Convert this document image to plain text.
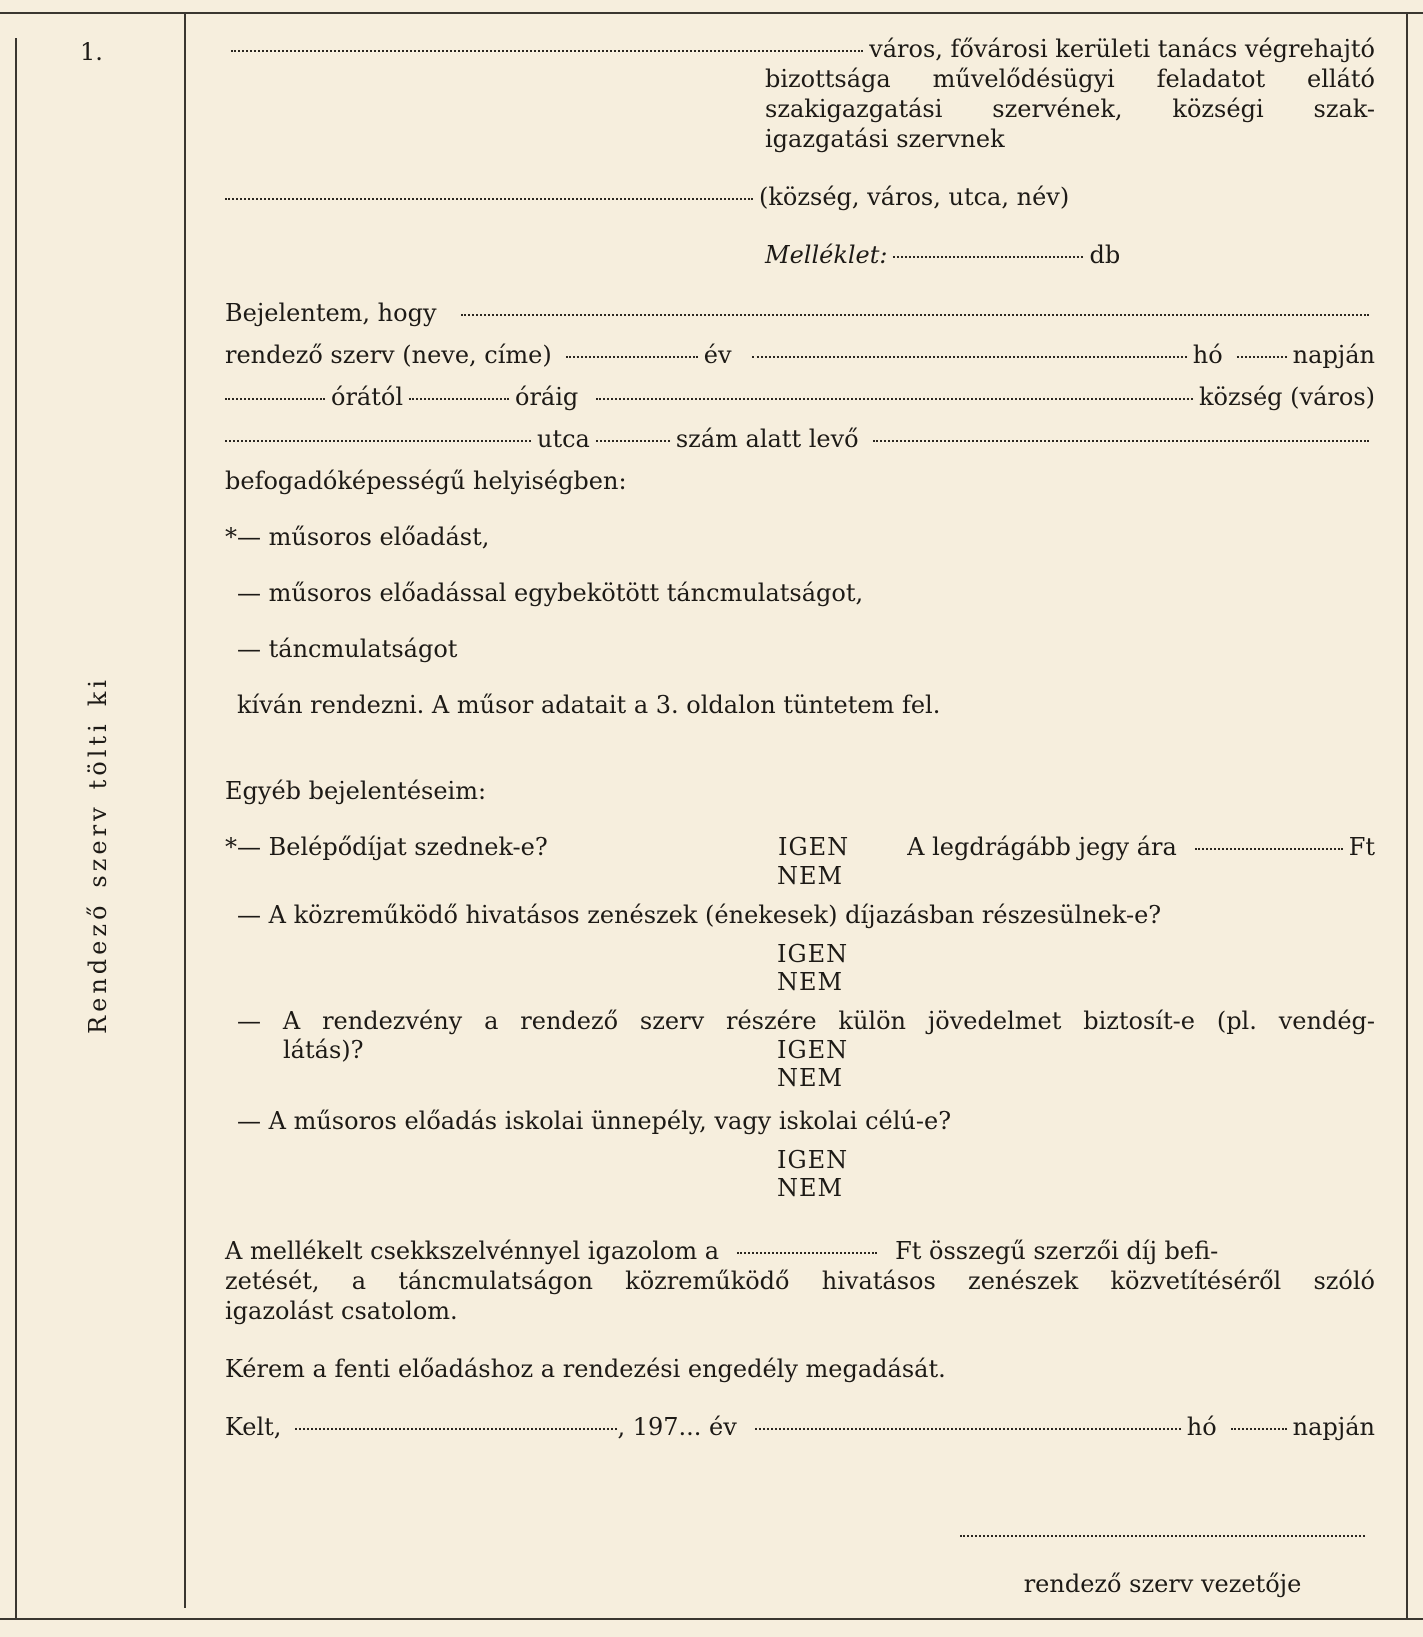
1.
Rendezőszervtöltiki
város, fővárosi kerületi tanács végrehajtó
bizottsága művelődésügyi feladatot ellátó
szakigazgatási szervének, községi szak-
igazgatási szervnek
(község, város, utca, név)
Melléklet:	db
Bejelentem, hogy
rendező szerv (neve, címe)	év	hó	napján
órától	óráig	község (város)
utca	szám alatt levő
befogadóképességű helyiségben:
*— műsoros előadást,
— műsoros előadással egybekötött táncmulatságot,
— táncmulatságot
kíván rendezni. A műsor adatait a 3. oldalon tüntetem fel.
Egyéb bejelentéseim:
*— Belépődíjat szednek-e?	IGEN A legdrágább jegy ára	Ft
NEM
— A közreműködő hivatásos zenészek (énekesek) díjazásban részesülnek-e?
IGEN
NEM
— A rendezvény a rendező szerv részére külön jövedelmet biztosít-e (pl. vendég-
látás)?	IGEN
NEM
— A műsoros előadás iskolai ünnepély, vagy iskolai célú-e?
IGEN
NEM
A mellékelt csekkszelvénnyel igazolom a	Ft összegű szerzői díj befi-
zetését, a táncmulatságon közreműködő hivatásos zenészek közvetítéséről szóló
igazolást csatolom.
Kérem a fenti előadáshoz a rendezési engedély megadását.
Kelt,	, 197... év	hó	napján
rendező szerv vezetője
